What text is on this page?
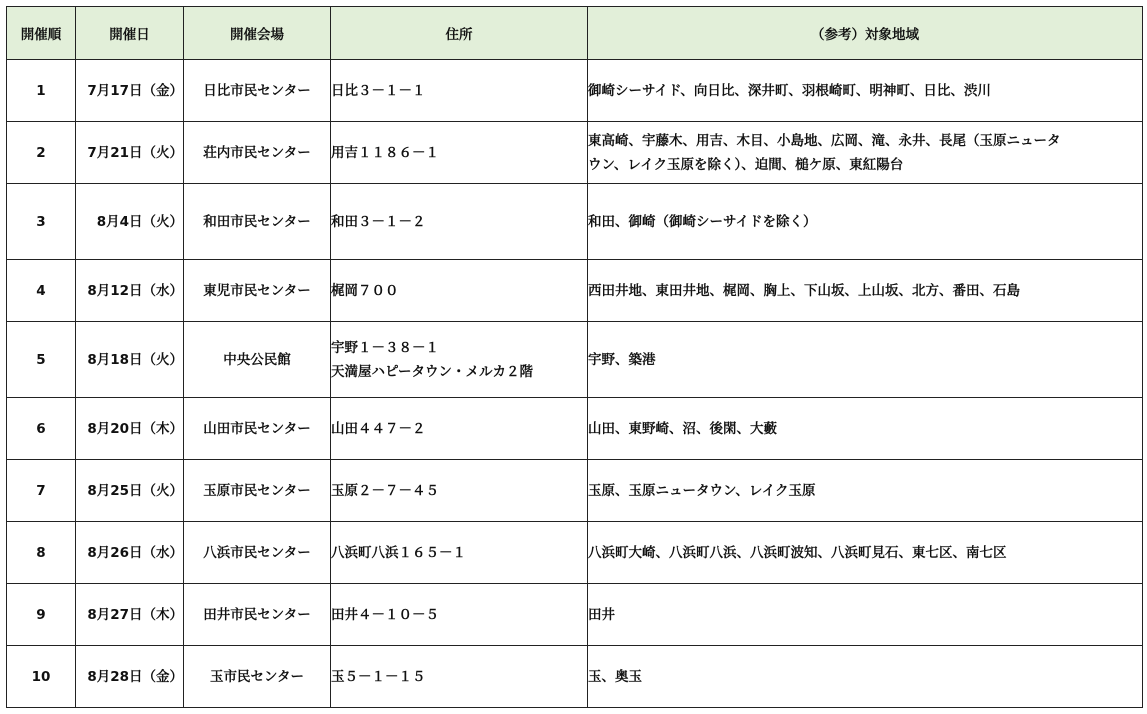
開催順	開催日	開催会場	住所	（参考）対象地域
1	7月17日（金）	日比市民センター	日比３－１－１	御崎シーサイド、向日比、深井町、羽根崎町、明神町、日比、渋川

2	7月21日（火）	荘内市民センター	用吉１１８６－１	東高崎、宇藤木、用吉、木目、小島地、広岡、滝、永井、長尾（玉原ニュータ
ウン、レイク玉原を除く）、迫間、槌ケ原、東紅陽台

3	8月4日（火）	和田市民センター	和田３－１－２	和田、御崎（御崎シーサイドを除く）

4	8月12日（水）	東児市民センター	梶岡７００	西田井地、東田井地、梶岡、胸上、下山坂、上山坂、北方、番田、石島

5	8月18日（火）	中央公民館	宇野１－３８－１
天満屋ハピータウン・メルカ２階	宇野、築港

6	8月20日（木）	山田市民センター	山田４４７－２	山田、東野崎、沼、後閑、大藪

7	8月25日（火）	玉原市民センター	玉原２－７－４５	玉原、玉原ニュータウン、レイク玉原

8	8月26日（水）	八浜市民センター	八浜町八浜１６５－１	八浜町大崎、八浜町八浜、八浜町波知、八浜町見石、東七区、南七区

9	8月27日（木）	田井市民センター	田井４－１０－５	田井

10	8月28日（金）	玉市民センター	玉５－１－１５	玉、奥玉
